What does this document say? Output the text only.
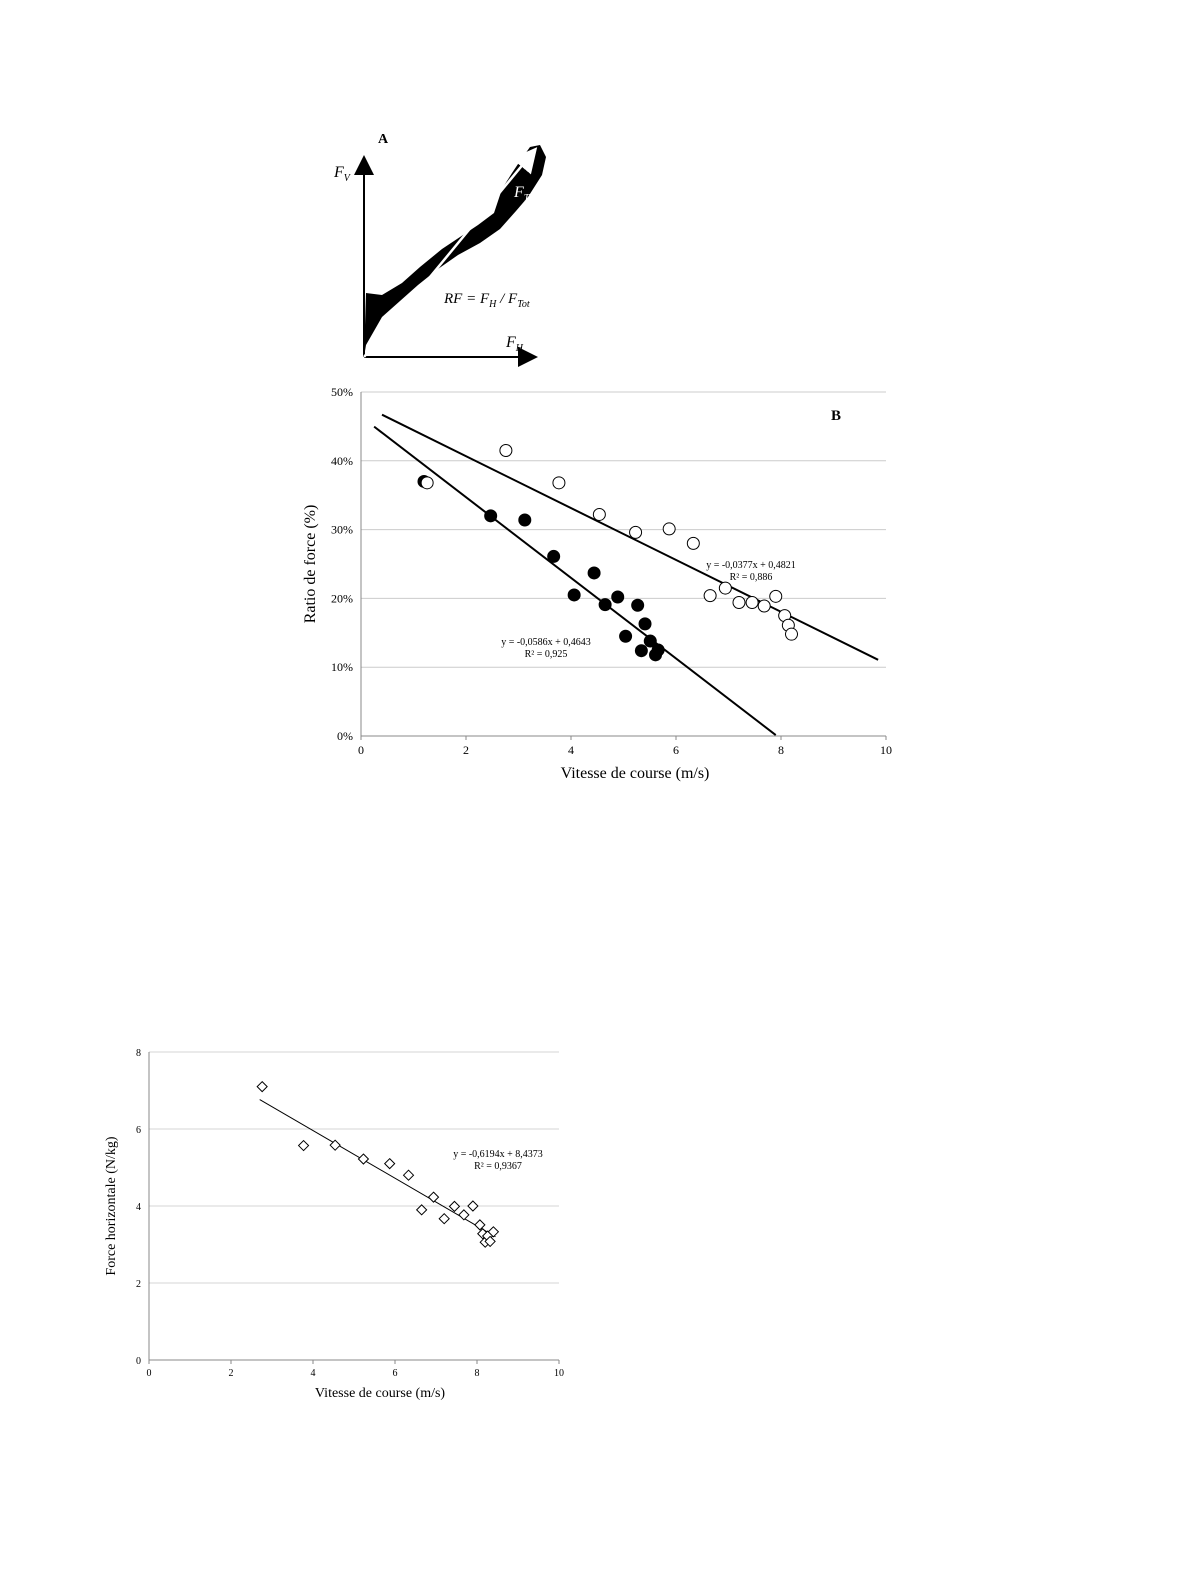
A
$F_V$
$F_{Tot}$
RF = $F_H / F_{Tot}$
$F_H$
0%
10%
20%
30%
40%
50%
0	2	4	6	8	10
B
y = -0,0377x + 0,4821
R² = 0,886
y = -0,0586x + 0,4643
R² = 0,925
Vitesse de course (m/s)
Ratio de force (%)
0
2
4
6
8
0	2	4	6	8	10
y = -0,6194x + 8,4373
R² = 0,9367
Vitesse de course (m/s)
Force horizontale (N/kg)
